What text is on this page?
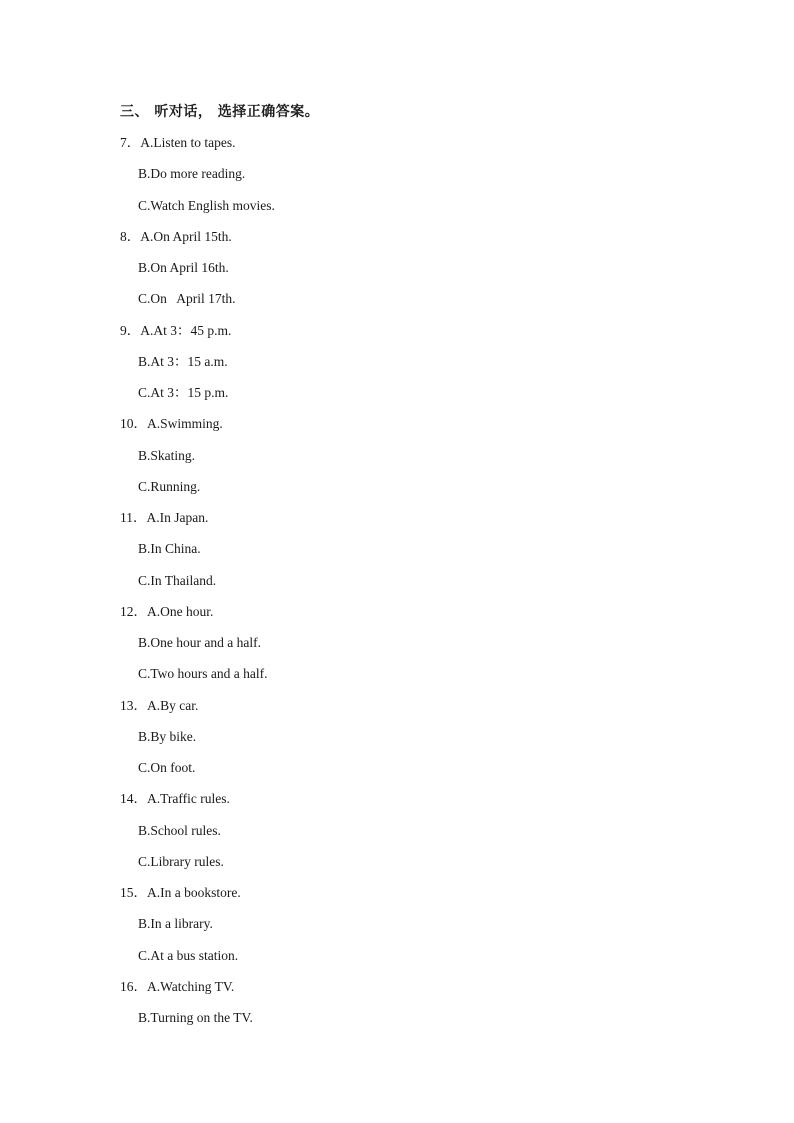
三、 听对话， 选择正确答案。
7．A.Listen to tapes.
B.Do more reading.
C.Watch English movies.
8．A.On April 15th.
B.On April 16th.
C.On   April 17th.
9．A.At 3：45 p.m.
B.At 3：15 a.m.
C.At 3：15 p.m.
10．A.Swimming.
B.Skating.
C.Running.
11．A.In Japan.
B.In China.
C.In Thailand.
12．A.One hour.
B.One hour and a half.
C.Two hours and a half.
13．A.By car.
B.By bike.
C.On foot.
14．A.Traffic rules.
B.School rules.
C.Library rules.
15．A.In a bookstore.
B.In a library.
C.At a bus station.
16．A.Watching TV.
B.Turning on the TV.
